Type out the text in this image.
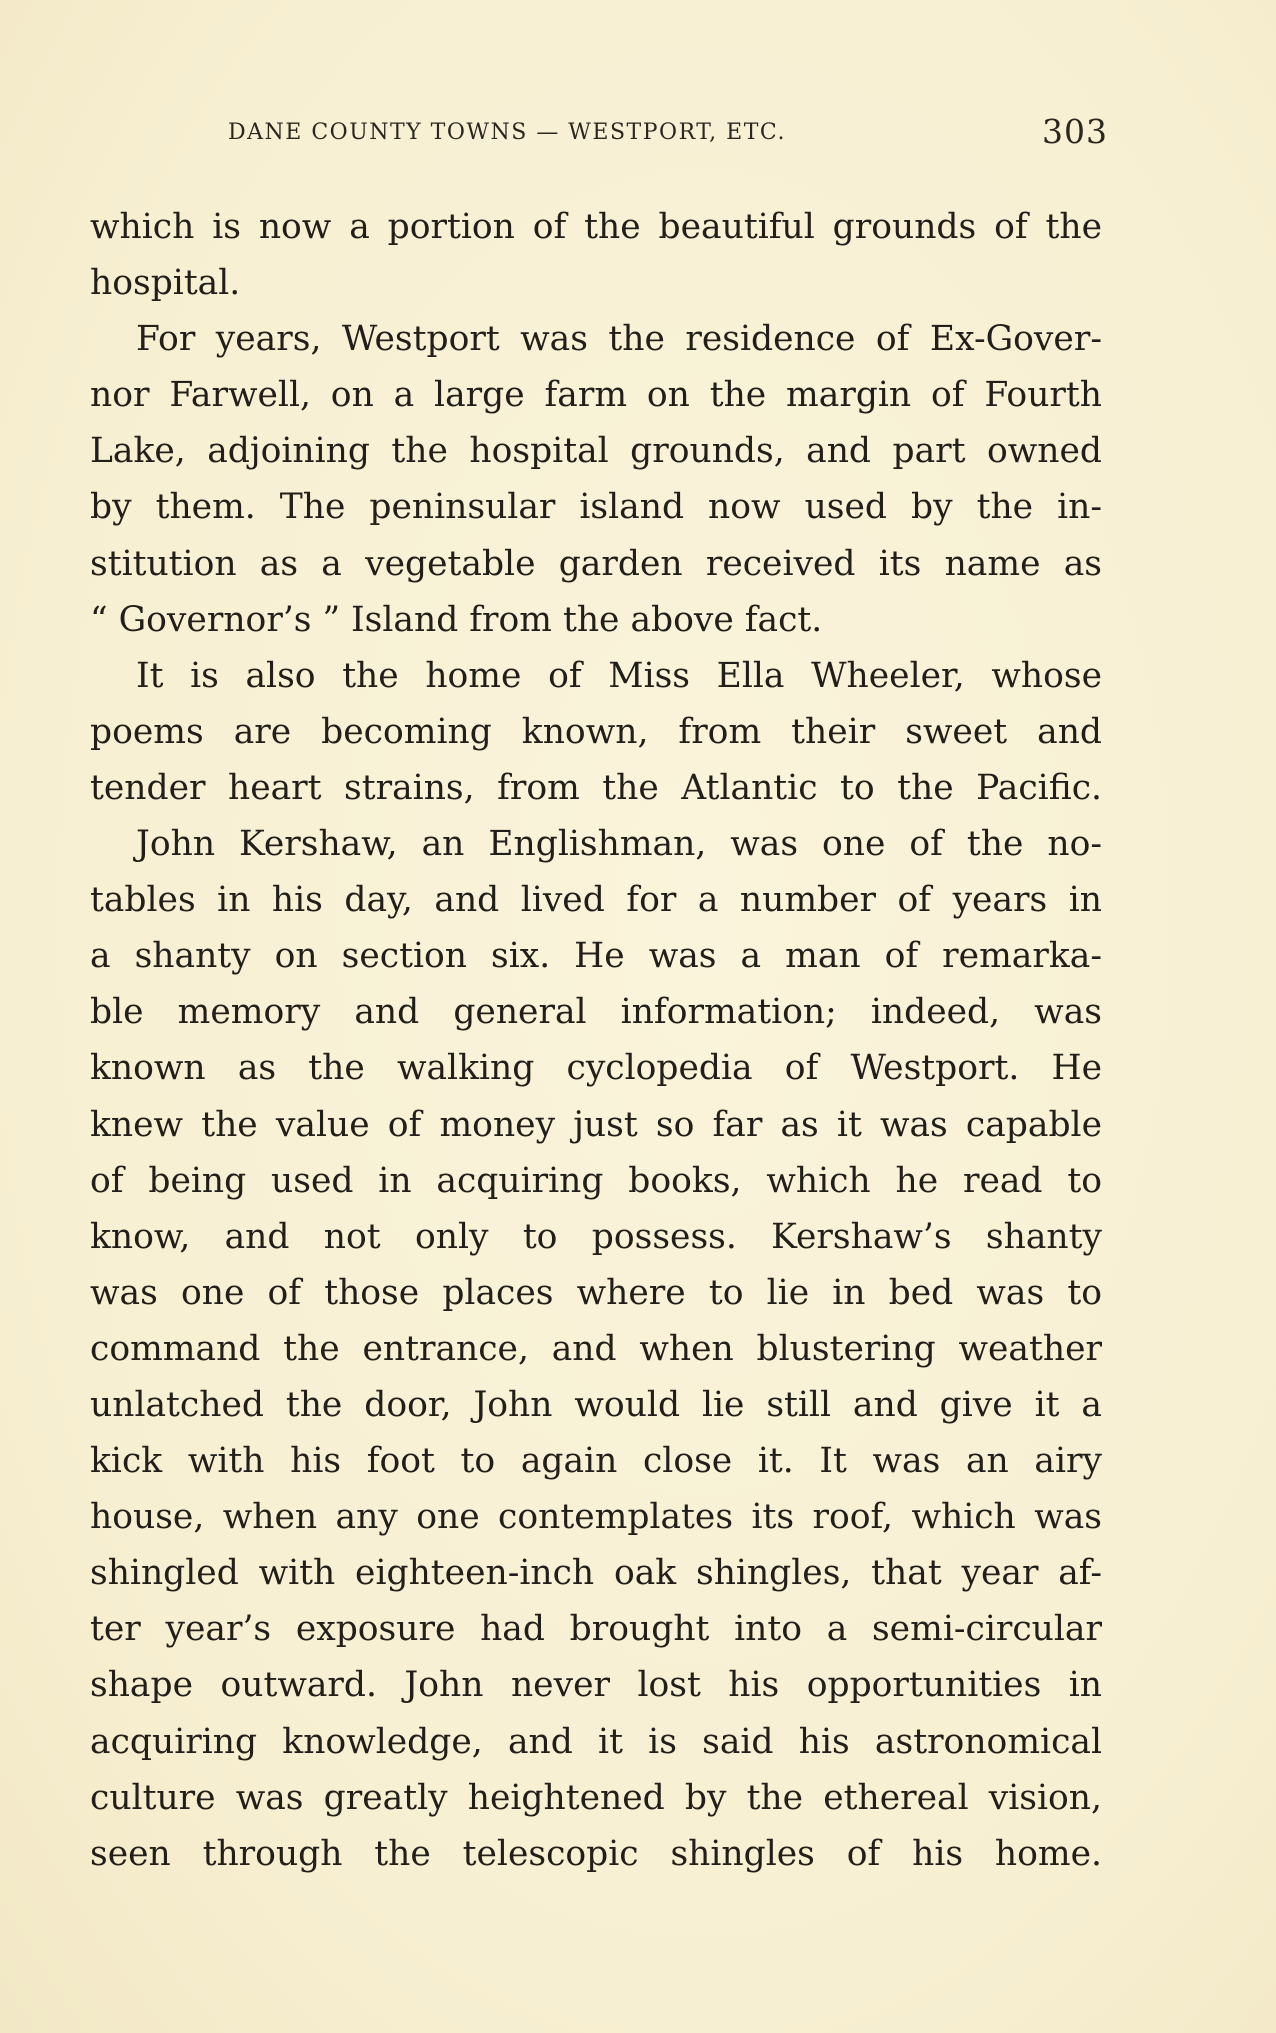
DANE COUNTY TOWNS — WESTPORT, ETC.	303
which is now a portion of the beautiful grounds of the
hospital.
For years, Westport was the residence of Ex-Gover-
nor Farwell, on a large farm on the margin of Fourth
Lake, adjoining the hospital grounds, and part owned
by them. The peninsular island now used by the in-
stitution as a vegetable garden received its name as
“ Governor’s ” Island from the above fact.
It is also the home of Miss Ella Wheeler, whose
poems are becoming known, from their sweet and
tender heart strains, from the Atlantic to the Pacific.
John Kershaw, an Englishman, was one of the no-
tables in his day, and lived for a number of years in
a shanty on section six. He was a man of remarka-
ble memory and general information; indeed, was
known as the walking cyclopedia of Westport. He
knew the value of money just so far as it was capable
of being used in acquiring books, which he read to
know, and not only to possess. Kershaw’s shanty
was one of those places where to lie in bed was to
command the entrance, and when blustering weather
unlatched the door, John would lie still and give it a
kick with his foot to again close it. It was an airy
house, when any one contemplates its roof, which was
shingled with eighteen-inch oak shingles, that year af-
ter year’s exposure had brought into a semi-circular
shape outward. John never lost his opportunities in
acquiring knowledge, and it is said his astronomical
culture was greatly heightened by the ethereal vision,
seen through the telescopic shingles of his home.
